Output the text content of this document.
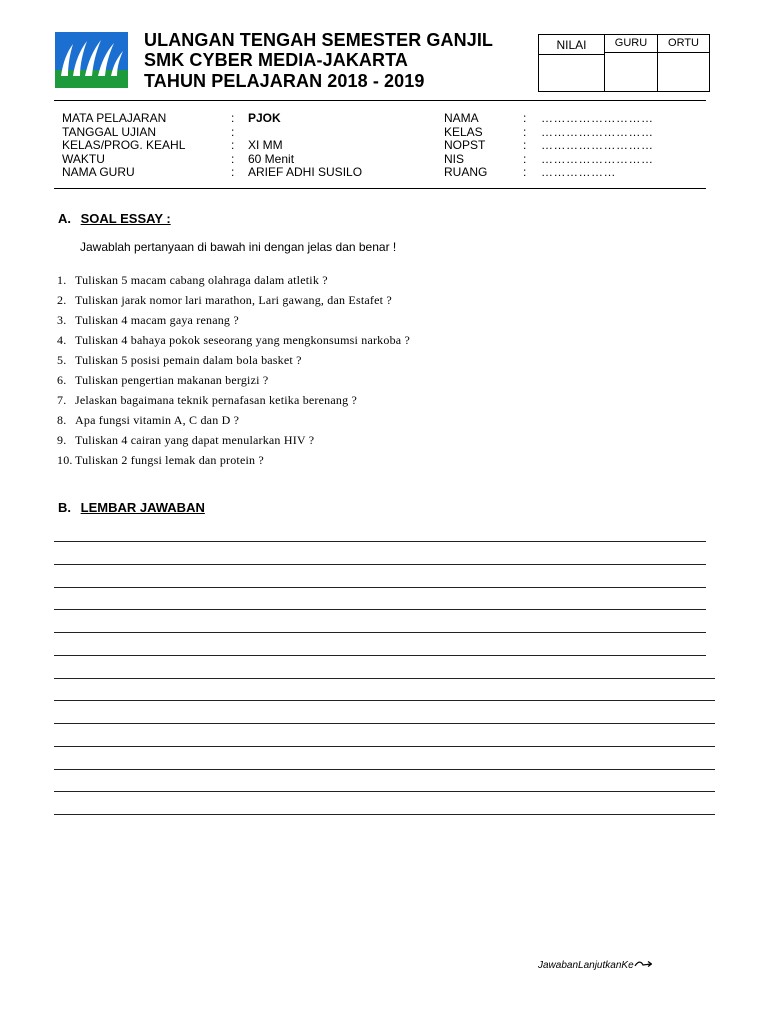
ULANGAN TENGAH SEMESTER GANJIL
SMK CYBER MEDIA-JAKARTA
TAHUN PELAJARAN 2018 - 2019
NILAI	GURU	ORTU
MATA PELAJARAN	: PJOK
TANGGAL UJIAN	:
KELAS/PROG. KEAHL	: XI MM
WAKTU	: 60 Menit
NAMA GURU	: ARIEF ADHI SUSILO
NAMA	: ………………………
KELAS	: ………………………
NOPST	: ………………………
NIS	: ………………………
RUANG	: ………………
A. SOAL ESSAY :
Jawablah pertanyaan di bawah ini dengan jelas dan benar !
1. Tuliskan 5 macam cabang olahraga dalam atletik ?
2. Tuliskan jarak nomor lari marathon, Lari gawang, dan Estafet ?
3. Tuliskan 4 macam gaya renang ?
4. Tuliskan 4 bahaya pokok seseorang yang mengkonsumsi narkoba ?
5. Tuliskan 5 posisi pemain dalam bola basket ?
6. Tuliskan pengertian makanan bergizi ?
7. Jelaskan bagaimana teknik pernafasan ketika berenang ?
8. Apa fungsi vitamin A, C dan D ?
9. Tuliskan 4 cairan yang dapat menularkan HIV ?
10. Tuliskan 2 fungsi lemak dan protein ?
B. LEMBAR JAWABAN
JawabanLanjutkanKe
